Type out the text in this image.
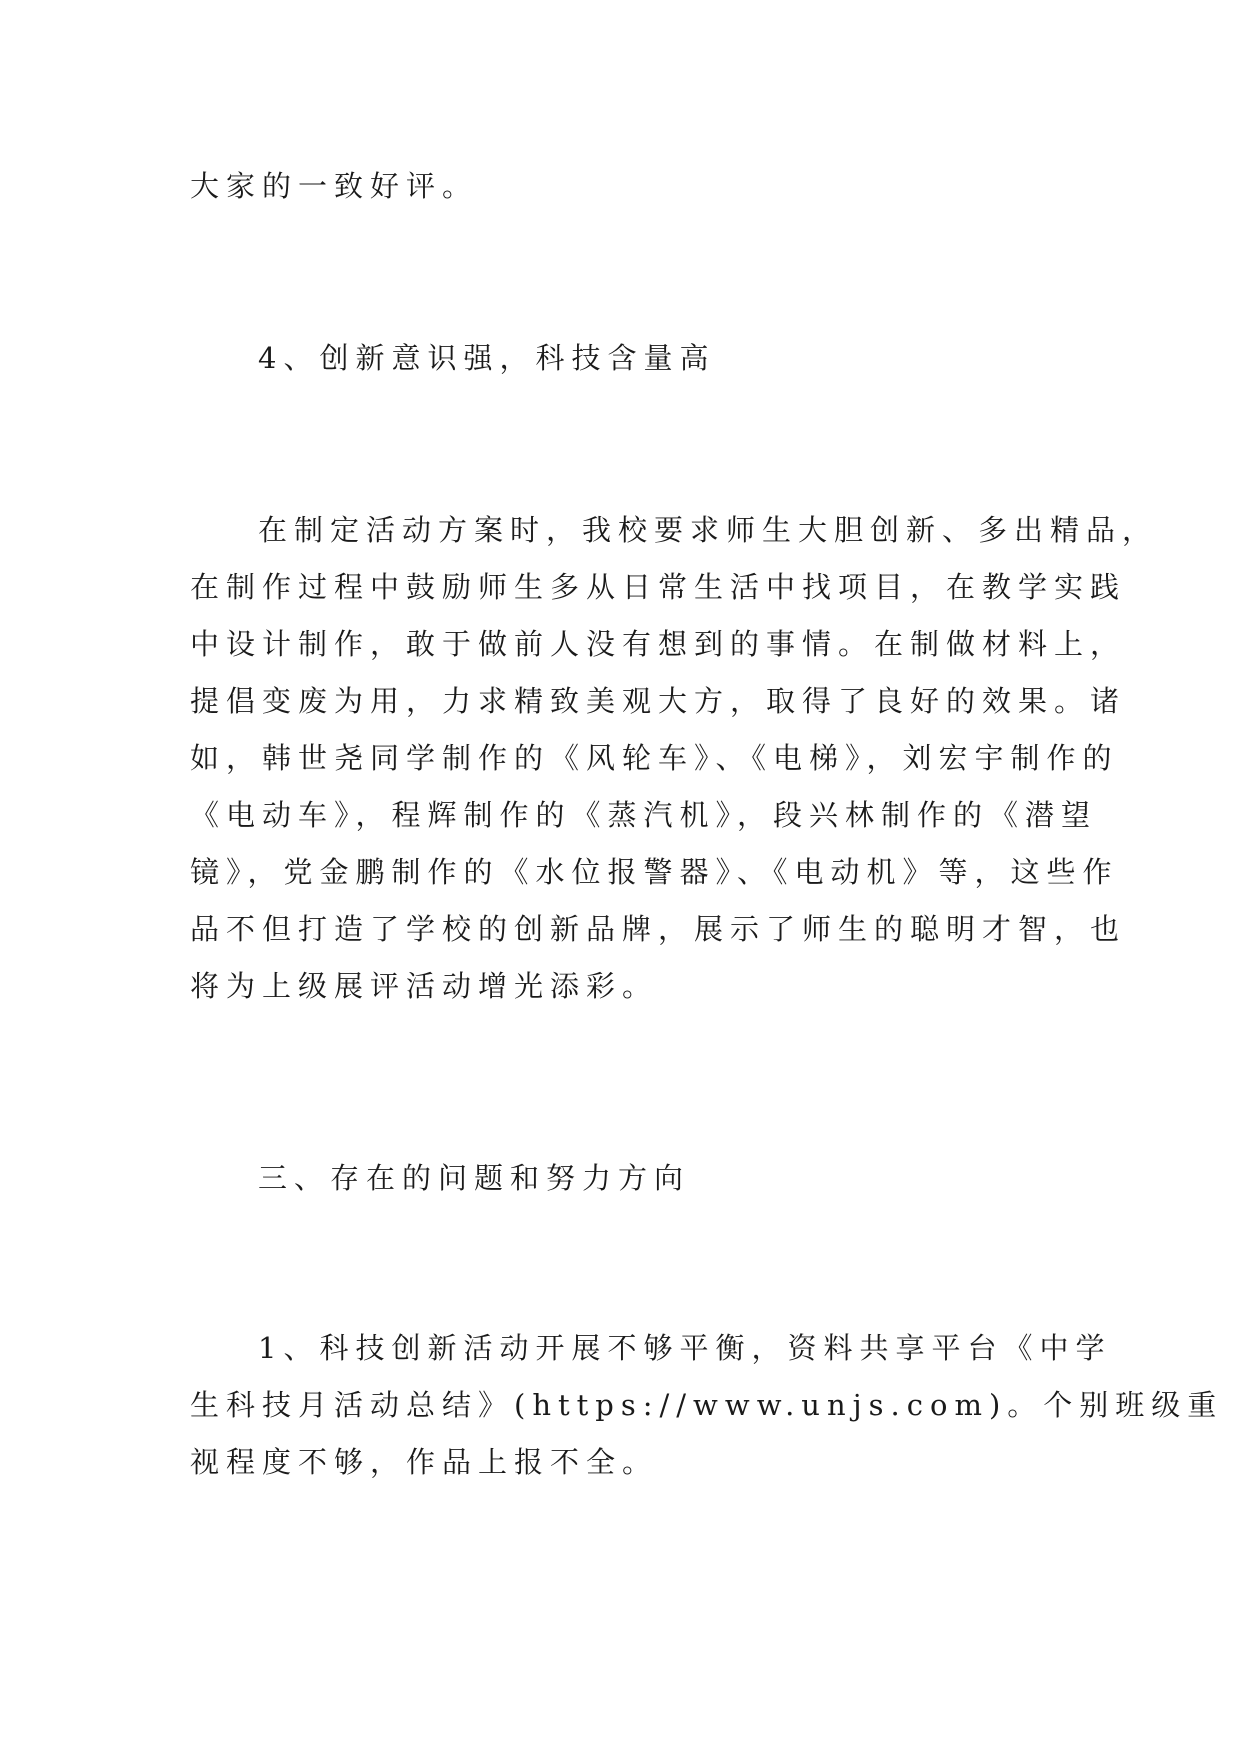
大家的一致好评。

4、创新意识强，科技含量高

在制定活动方案时，我校要求师生大胆创新、多出精品，
在制作过程中鼓励师生多从日常生活中找项目，在教学实践
中设计制作，敢于做前人没有想到的事情。在制做材料上，
提倡变废为用，力求精致美观大方，取得了良好的效果。诸
如，韩世尧同学制作的《风轮车》、《电梯》，刘宏宇制作的
《电动车》，程辉制作的《蒸汽机》，段兴林制作的《潜望
镜》，党金鹏制作的《水位报警器》、《电动机》等，这些作
品不但打造了学校的创新品牌，展示了师生的聪明才智，也
将为上级展评活动增光添彩。

三、存在的问题和努力方向

1、科技创新活动开展不够平衡，资料共享平台《中学
生科技月活动总结》(https://www.unjs.com)。个别班级重
视程度不够，作品上报不全。
